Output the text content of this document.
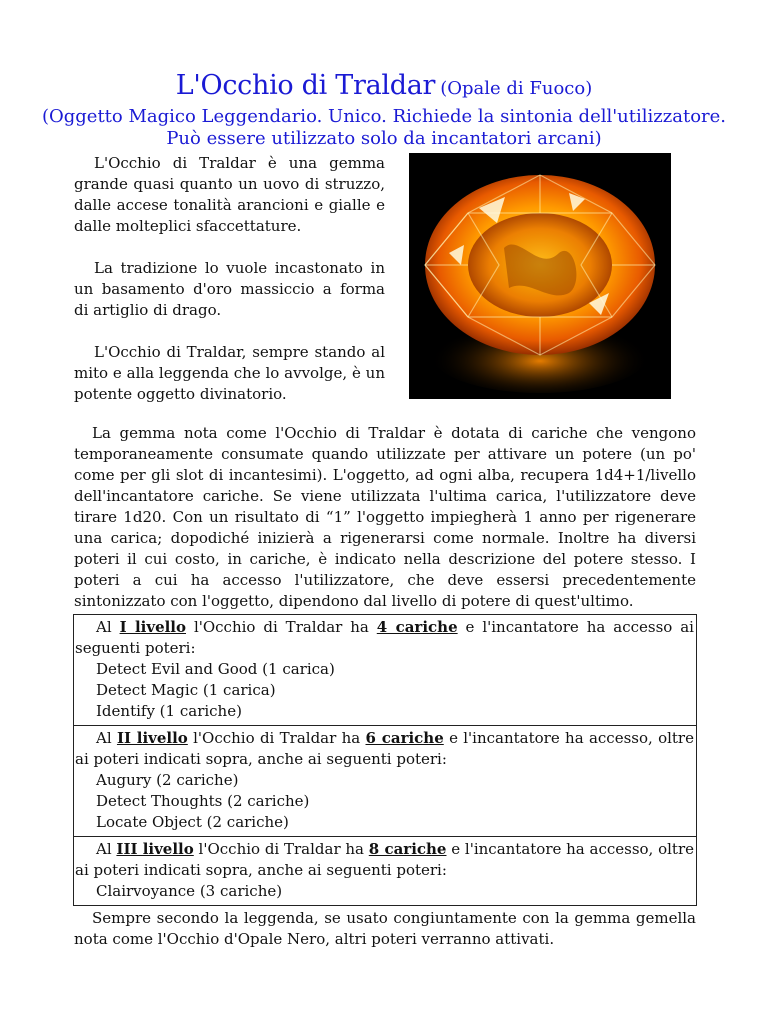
L'Occhio di Traldar (Opale di Fuoco)
(Oggetto Magico Leggendario. Unico. Richiede la sintonia dell'utilizzatore.
Può essere utilizzato solo da incantatori arcani)

L'Occhio di Traldar è una gemma grande quasi quanto un uovo di struzzo, dalle accese tonalità arancioni e gialle e dalle molteplici sfaccettature.

La tradizione lo vuole incastonato in un basamento d'oro massiccio a forma di artiglio di drago.

L'Occhio di Traldar, sempre stando al mito e alla leggenda che lo avvolge, è un potente oggetto divinatorio.

La gemma nota come l'Occhio di Traldar è dotata di cariche che vengono temporaneamente consumate quando utilizzate per attivare un potere (un po' come per gli slot di incantesimi). L'oggetto, ad ogni alba, recupera 1d4+1/livello dell'incantatore cariche. Se viene utilizzata l'ultima carica, l'utilizzatore deve tirare 1d20. Con un risultato di “1” l'oggetto impiegherà 1 anno per rigenerare una carica; dopodiché inizierà a rigenerarsi come normale. Inoltre ha diversi poteri il cui costo, in cariche, è indicato nella descrizione del potere stesso. I poteri a cui ha accesso l'utilizzatore, che deve essersi precedentemente sintonizzato con l'oggetto, dipendono dal livello di potere di quest'ultimo.

Al I livello l'Occhio di Traldar ha 4 cariche e l'incantatore ha accesso ai seguenti poteri:
Detect Evil and Good (1 carica)
Detect Magic (1 carica)
Identify (1 cariche)
Al II livello l'Occhio di Traldar ha 6 cariche e l'incantatore ha accesso, oltre ai poteri indicati sopra, anche ai seguenti poteri:
Augury (2 cariche)
Detect Thoughts (2 cariche)
Locate Object (2 cariche)
Al III livello l'Occhio di Traldar ha 8 cariche e l'incantatore ha accesso, oltre ai poteri indicati sopra, anche ai seguenti poteri:
Clairvoyance (3 cariche)

Sempre secondo la leggenda, se usato congiuntamente con la gemma gemella nota come l'Occhio d'Opale Nero, altri poteri verranno attivati.
